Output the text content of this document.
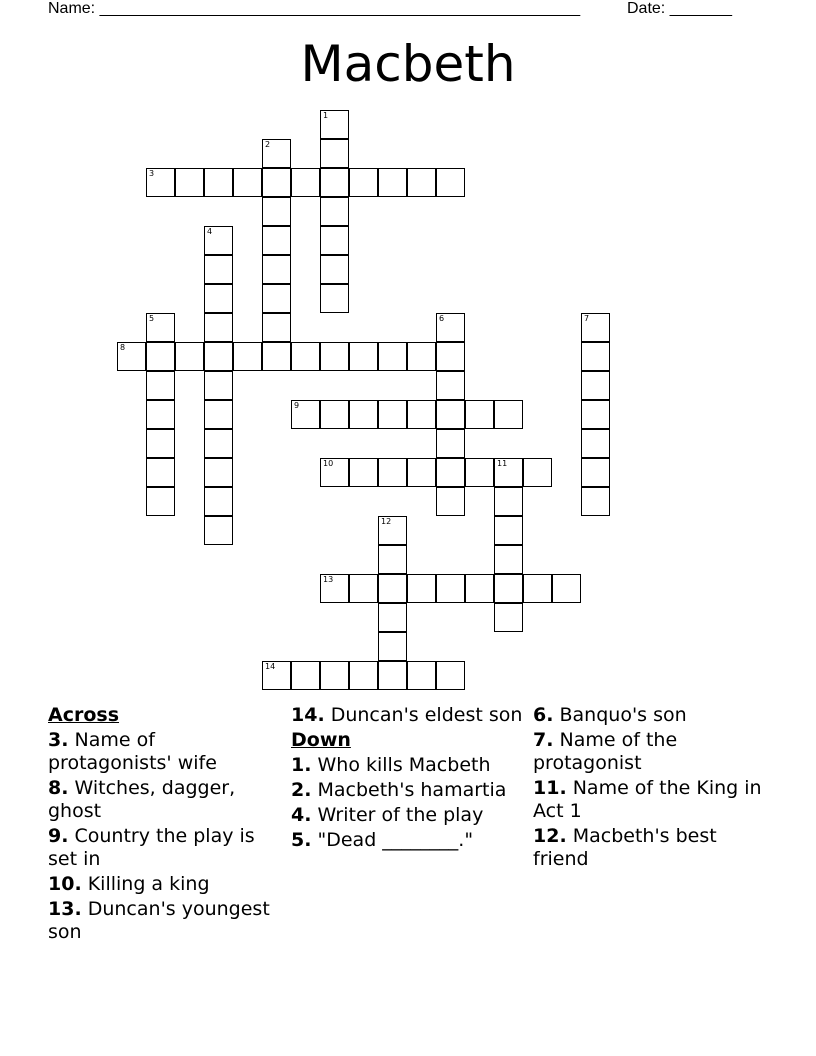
Name: ______________________________________________________	Date: _______
Macbeth
1
2
3
4
5	6	7
8
9
10	11
12
13
14
Across
3. Name of protagonists' wife
8. Witches, dagger, ghost
9. Country the play is set in
10. Killing a king
13. Duncan's youngest son
14. Duncan's eldest son
Down
1. Who kills Macbeth
2. Macbeth's hamartia
4. Writer of the play
5. "Dead ________."
6. Banquo's son
7. Name of the protagonist
11. Name of the King in Act 1
12. Macbeth's best friend
